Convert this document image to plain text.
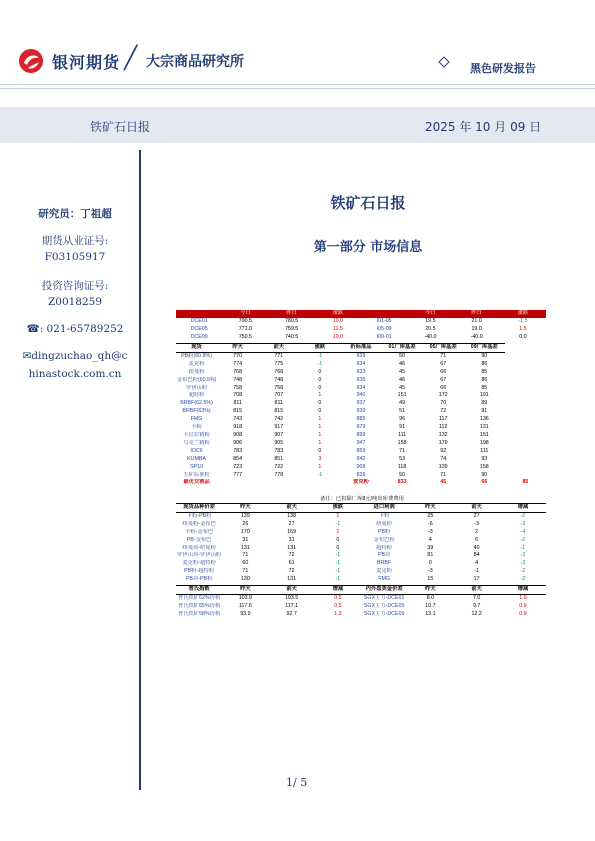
银河期货 ╱ 大宗商品研究所	黑色研发报告
铁矿石日报	2025 年 10 月 09 日
研究员：丁祖超
期货从业证号:
F03105917
投资咨询证号:
Z0018259
☎: 021-65789252
✉dingzuchao_qh@c
hinastock.com.cn
铁矿石日报
第一部分 市场信息
	今日	昨日	涨跌		今日	昨日	涨跌
DCE01	790.5	780.5	10.0	I01-05	19.5	21.0	-1.5
DCE05	771.0	759.5	11.5	I05-09	20.5	19.0	1.5
DCE09	750.5	740.5	10.0	I09-01	-40.0	-40.0	0.0
现货	昨天	前天	涨跌	折标准品	01厂库基差	05厂库基差	09厂库基差	
PB粉(60.8%)	770	771	-1	839	50	71	90	
麦克粉	774	775	-1	834	46	67	86	
纽曼粉	768	768	0	833	45	66	85	
金布巴粉(60.5%)	748	748	0	835	46	67	86	
罗伊山粉	758	758	0	834	45	66	85	
超特粉	708	707	1	940	151	172	191	
BRBF(62.5%)	811	811	0	837	49	70	89	
BRBF(63%)	815	815	0	839	51	72	91	
FMG	743	742	1	885	96	117	136	
卡粉	918	917	1	879	91	112	131	
卡拉拉精粉	908	907	1	899	111	132	151	
乌克兰精粉	906	905	1	947	158	179	198	
IOC6	783	783	0	859	71	92	111	
KUMBA	854	851	3	842	53	74	93	
SP10	723	722	1	908	118	139	158	
五矿标准粉	777	778	-1	839	50	71	90	
最优交割品				麦克粉	833	45	66	85
备注：已扣除厂库8元/吨出库费费用
现货品种价差	昨天	前天	涨跌	进口利润	昨天	前天	增减
卡粉-PB粉	139	138	1	卡粉	25	27	-2
纽曼粉-金布巴	26	27	-1	纽曼粉	-6	-3	-3
卡粉-金布巴	170	169	1	PB粉	-3	2	-4
PB-金布巴	31	31	0	金布巴粉	4	6	-2
纽曼块-纽曼粉	131	131	0	超特粉	39	40	-1
罗伊山块-罗伊山粉	71	72	-1	PB块	81	84	-3
麦克粉-超特粉	60	61	-1	BRBF	0	4	-3
PB粉-超特粉	71	72	-1	麦克粉	-3	-1	-2
PB块-PB粉	130	131	-1	FMG	15	17	-2
普氏指数	昨天	前天	增减	内外盘美金价差	昨天	前天	增减
普氏铁矿62%价格	103.9	103.5	0.5	SGX主力-DCE01	8.0	7.0	1.0
普氏铁矿65%价格	117.6	117.1	0.5	SGX主力-DCE05	10.7	9.7	0.9
普氏铁矿58%价格	93.9	92.7	1.3	SGX主力-DCE09	13.1	12.2	0.9
1/ 5
